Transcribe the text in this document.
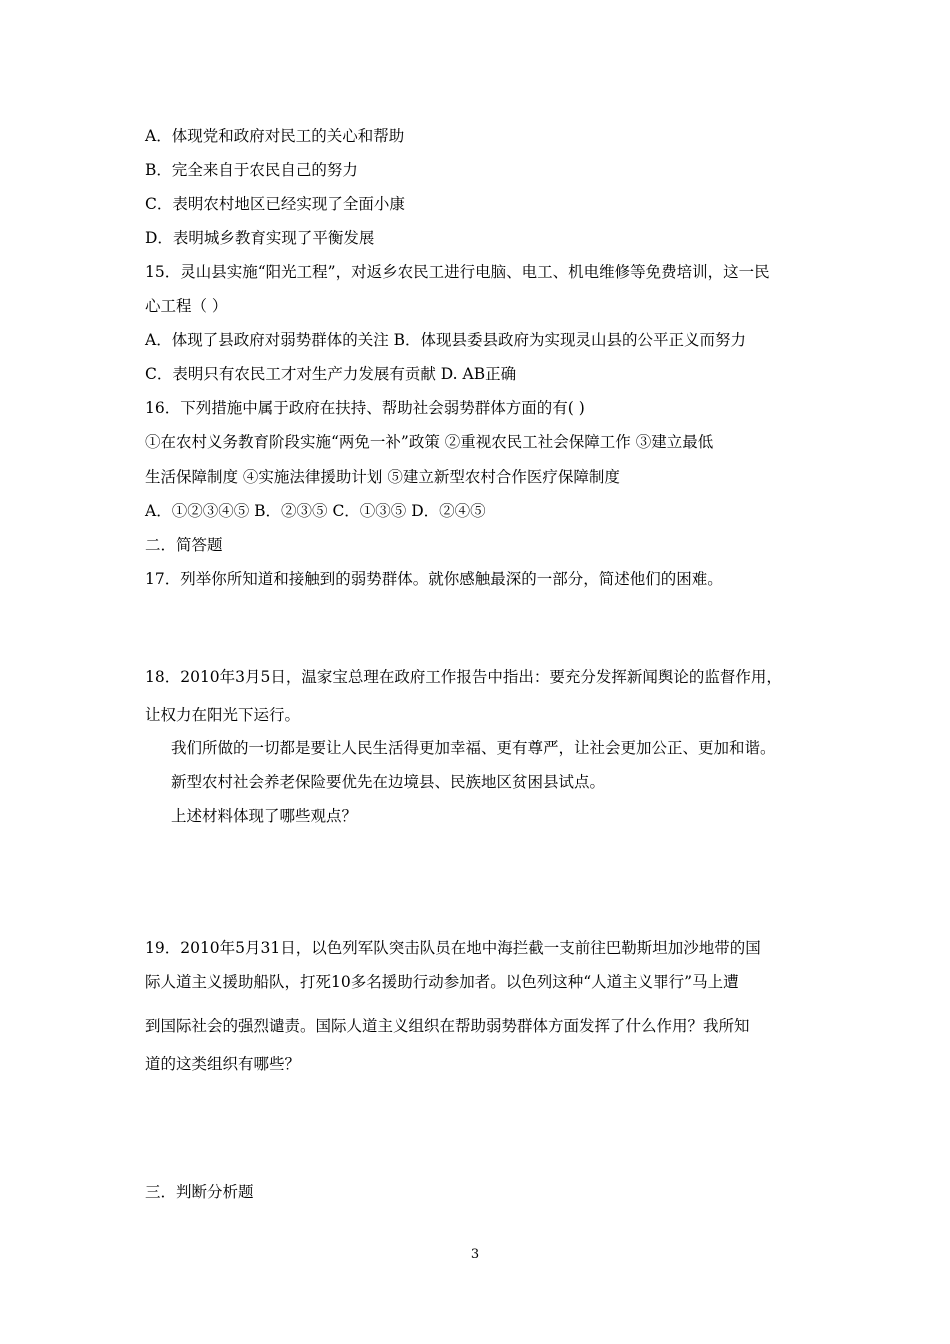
A．体现党和政府对民工的关心和帮助
B．完全来自于农民自己的努力
C．表明农村地区已经实现了全面小康
D．表明城乡教育实现了平衡发展
15．灵山县实施“阳光工程”，对返乡农民工进行电脑、电工、机电维修等免费培训，这一民
心工程（ ）
A．体现了县政府对弱势群体的关注 B．体现县委县政府为实现灵山县的公平正义而努力
C．表明只有农民工才对生产力发展有贡献 D. AB正确
16．下列措施中属于政府在扶持、帮助社会弱势群体方面的有( )
①在农村义务教育阶段实施“两免一补”政策 ②重视农民工社会保障工作 ③建立最低
生活保障制度 ④实施法律援助计划 ⑤建立新型农村合作医疗保障制度
A．①②③④⑤ B．②③⑤ C．①③⑤ D．②④⑤
二．简答题
17．列举你所知道和接触到的弱势群体。就你感触最深的一部分，简述他们的困难。
18．2010年3月5日，温家宝总理在政府工作报告中指出：要充分发挥新闻舆论的监督作用，
让权力在阳光下运行。
我们所做的一切都是要让人民生活得更加幸福、更有尊严，让社会更加公正、更加和谐。
新型农村社会养老保险要优先在边境县、民族地区贫困县试点。
上述材料体现了哪些观点？
19．2010年5月31日，以色列军队突击队员在地中海拦截一支前往巴勒斯坦加沙地带的国
际人道主义援助船队，打死10多名援助行动参加者。以色列这种“人道主义罪行”马上遭
到国际社会的强烈谴责。国际人道主义组织在帮助弱势群体方面发挥了什么作用？我所知
道的这类组织有哪些？
三．判断分析题
3
